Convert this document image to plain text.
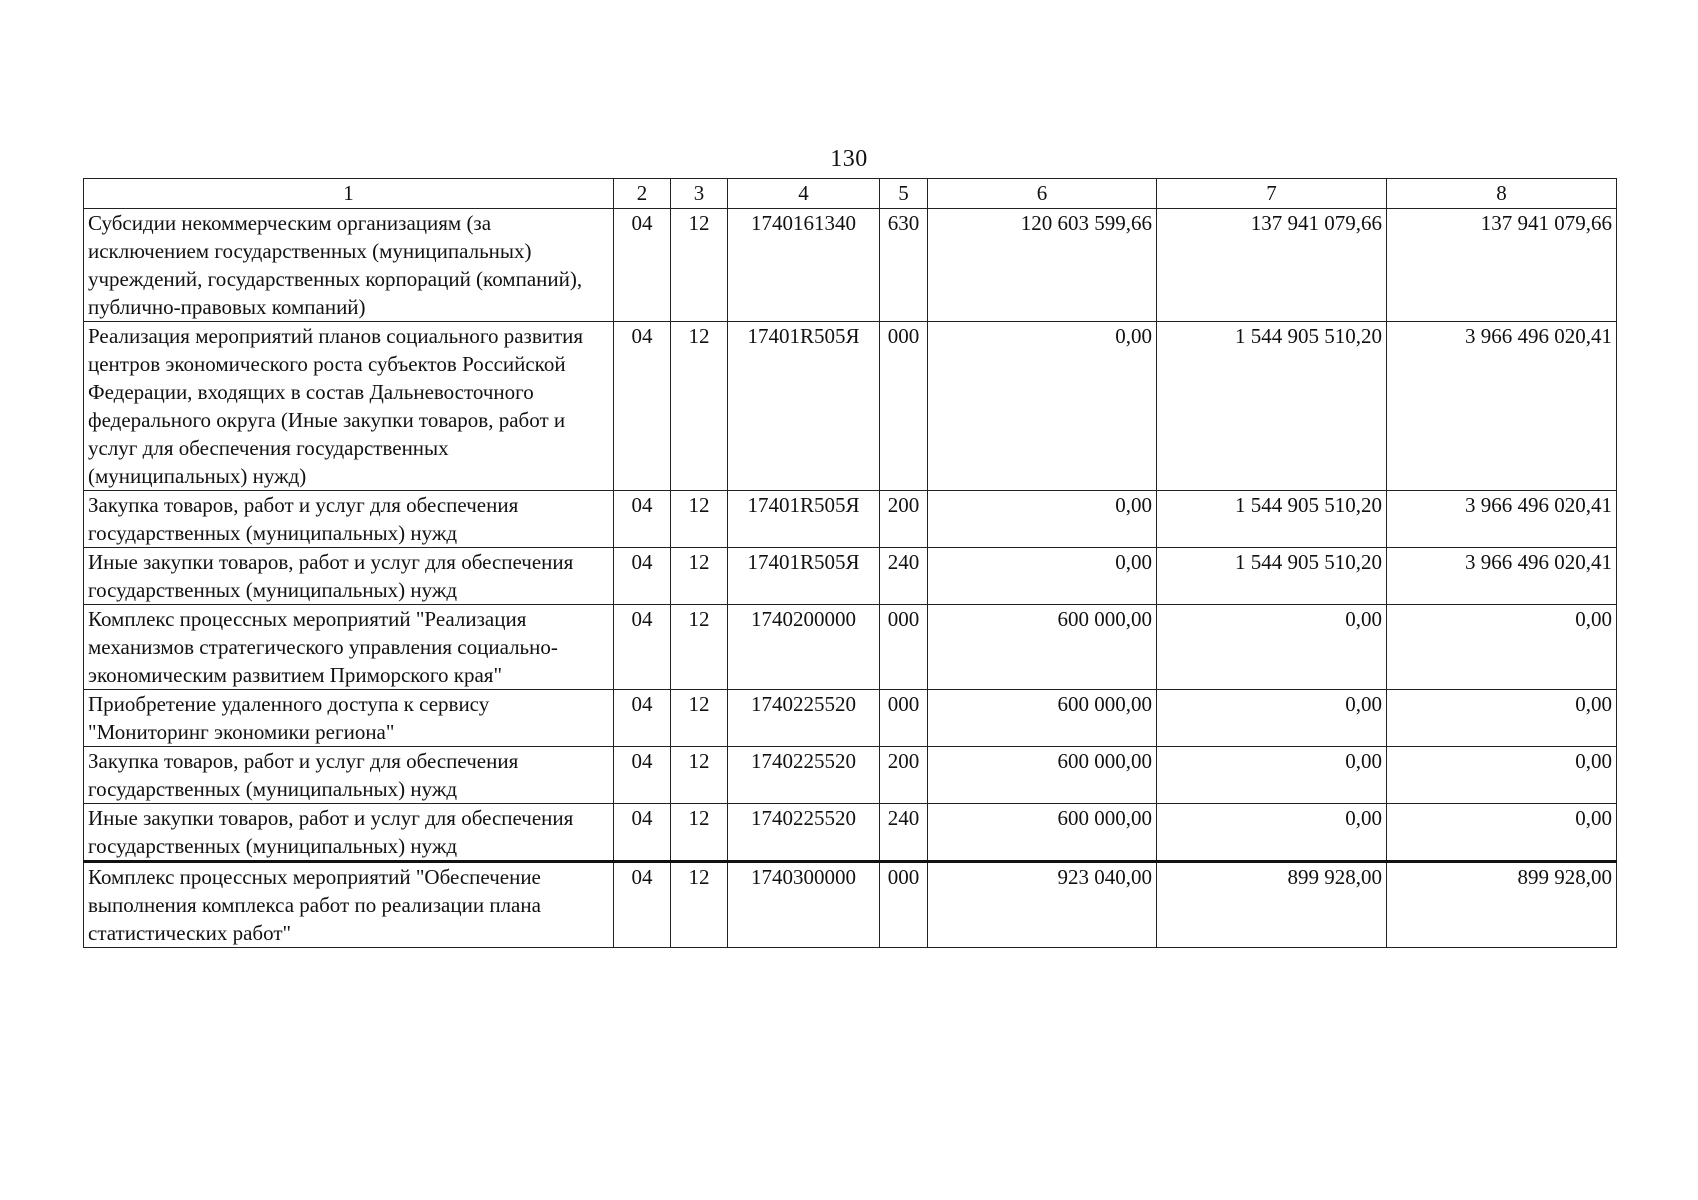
130
1	2	3	4	5	6	7	8
Субсидии некоммерческим организациям (за исключением государственных (муниципальных) учреждений, государственных корпораций (компаний), публично-правовых компаний)	04	12	1740161340	630	120 603 599,66	137 941 079,66	137 941 079,66
Реализация мероприятий планов социального развития центров экономического роста субъектов Российской Федерации, входящих в состав Дальневосточного федерального округа (Иные закупки товаров, работ и услуг для обеспечения государственных (муниципальных) нужд)	04	12	17401R505Я	000	0,00	1 544 905 510,20	3 966 496 020,41
Закупка товаров, работ и услуг для обеспечения государственных (муниципальных) нужд	04	12	17401R505Я	200	0,00	1 544 905 510,20	3 966 496 020,41
Иные закупки товаров, работ и услуг для обеспечения государственных (муниципальных) нужд	04	12	17401R505Я	240	0,00	1 544 905 510,20	3 966 496 020,41
Комплекс процессных мероприятий "Реализация механизмов стратегического управления социально-экономическим развитием Приморского края"	04	12	1740200000	000	600 000,00	0,00	0,00
Приобретение удаленного доступа к сервису "Мониторинг экономики региона"	04	12	1740225520	000	600 000,00	0,00	0,00
Закупка товаров, работ и услуг для обеспечения государственных (муниципальных) нужд	04	12	1740225520	200	600 000,00	0,00	0,00
Иные закупки товаров, работ и услуг для обеспечения государственных (муниципальных) нужд	04	12	1740225520	240	600 000,00	0,00	0,00
Комплекс процессных мероприятий "Обеспечение выполнения комплекса работ по реализации плана статистических работ"	04	12	1740300000	000	923 040,00	899 928,00	899 928,00
